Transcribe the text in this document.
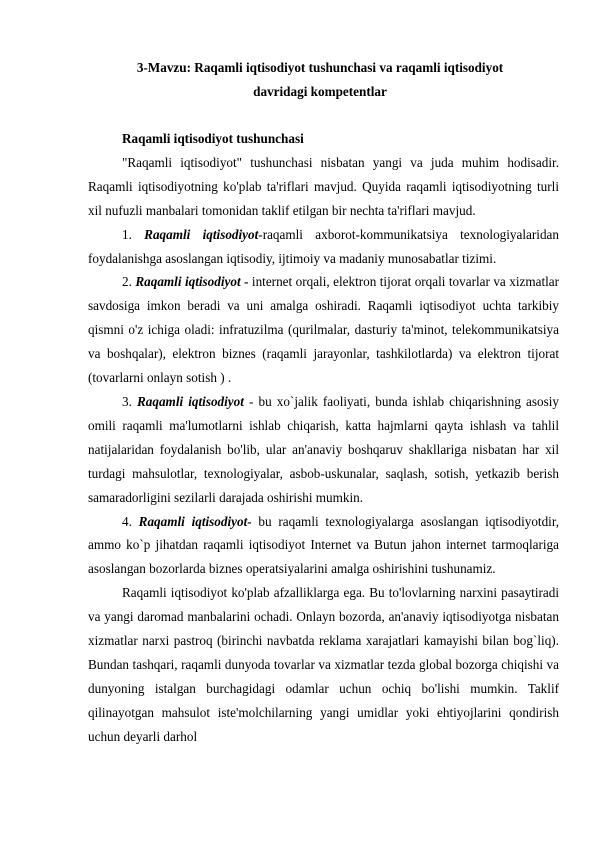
3-Mavzu: Raqamli iqtisodiyot tushunchasi va raqamli iqtisodiyot
davridagi kompetentlar

Raqamli iqtisodiyot tushunchasi

"Raqamli iqtisodiyot" tushunchasi nisbatan yangi va juda muhim hodisadir. Raqamli iqtisodiyotning ko'plab ta'riflari mavjud. Quyida raqamli iqtisodiyotning turli xil nufuzli manbalari tomonidan taklif etilgan bir nechta ta'riflari mavjud.

1. Raqamli iqtisodiyot-raqamli axborot-kommunikatsiya texnologiyalaridan foydalanishga asoslangan iqtisodiy, ijtimoiy va madaniy munosabatlar tizimi.

2. Raqamli iqtisodiyot - internet orqali, elektron tijorat orqali tovarlar va xizmatlar savdosiga imkon beradi va uni amalga oshiradi. Raqamli iqtisodiyot uchta tarkibiy qismni o'z ichiga oladi: infratuzilma (qurilmalar, dasturiy ta'minot, telekommunikatsiya va boshqalar), elektron biznes (raqamli jarayonlar, tashkilotlarda) va elektron tijorat (tovarlarni onlayn sotish ) .

3. Raqamli iqtisodiyot - bu xo`jalik faoliyati, bunda ishlab chiqarishning asosiy omili raqamli ma'lumotlarni ishlab chiqarish, katta hajmlarni qayta ishlash va tahlil natijalaridan foydalanish bo'lib, ular an'anaviy boshqaruv shakllariga nisbatan har xil turdagi mahsulotlar, texnologiyalar, asbob-uskunalar, saqlash, sotish, yetkazib berish samaradorligini sezilarli darajada oshirishi mumkin.

4. Raqamli iqtisodiyot- bu raqamli texnologiyalarga asoslangan iqtisodiyotdir, ammo ko`p jihatdan raqamli iqtisodiyot Internet va Butun jahon internet tarmoqlariga asoslangan bozorlarda biznes operatsiyalarini amalga oshirishini tushunamiz.

Raqamli iqtisodiyot ko'plab afzalliklarga ega. Bu to'lovlarning narxini pasaytiradi va yangi daromad manbalarini ochadi. Onlayn bozorda, an'anaviy iqtisodiyotga nisbatan xizmatlar narxi pastroq (birinchi navbatda reklama xarajatlari kamayishi bilan bog`liq). Bundan tashqari, raqamli dunyoda tovarlar va xizmatlar tezda global bozorga chiqishi va dunyoning istalgan burchagidagi odamlar uchun ochiq bo'lishi mumkin. Taklif qilinayotgan mahsulot iste'molchilarning yangi umidlar yoki ehtiyojlarini qondirish uchun deyarli darhol
